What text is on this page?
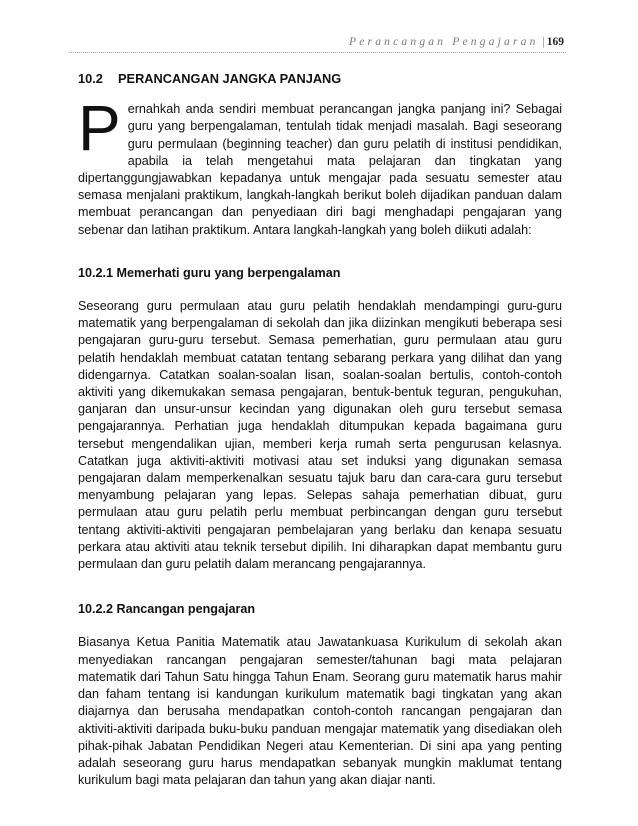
Perancangan Pengajaran | 169
10.2 PERANCANGAN JANGKA PANJANG

Pernahkah anda sendiri membuat perancangan jangka panjang ini? Sebagai guru yang berpengalaman, tentulah tidak menjadi masalah. Bagi seseorang guru permulaan (beginning teacher) dan guru pelatih di institusi pendidikan, apabila ia telah mengetahui mata pelajaran dan tingkatan yang dipertanggungjawabkan kepadanya untuk mengajar pada sesuatu semester atau semasa menjalani praktikum, langkah-langkah berikut boleh dijadikan panduan dalam membuat perancangan dan penyediaan diri bagi menghadapi pengajaran yang sebenar dan latihan praktikum. Antara langkah-langkah yang boleh diikuti adalah:

10.2.1 Memerhati guru yang berpengalaman

Seseorang guru permulaan atau guru pelatih hendaklah mendampingi guru-guru matematik yang berpengalaman di sekolah dan jika diizinkan mengikuti beberapa sesi pengajaran guru-guru tersebut. Semasa pemerhatian, guru permulaan atau guru pelatih hendaklah membuat catatan tentang sebarang perkara yang dilihat dan yang didengarnya. Catatkan soalan-soalan lisan, soalan-soalan bertulis, contoh-contoh aktiviti yang dikemukakan semasa pengajaran, bentuk-bentuk teguran, pengukuhan, ganjaran dan unsur-unsur kecindan yang digunakan oleh guru tersebut semasa pengajarannya. Perhatian juga hendaklah ditumpukan kepada bagaimana guru tersebut mengendalikan ujian, memberi kerja rumah serta pengurusan kelasnya. Catatkan juga aktiviti-aktiviti motivasi atau set induksi yang digunakan semasa pengajaran dalam memperkenalkan sesuatu tajuk baru dan cara-cara guru tersebut menyambung pelajaran yang lepas. Selepas sahaja pemerhatian dibuat, guru permulaan atau guru pelatih perlu membuat perbincangan dengan guru tersebut tentang aktiviti-aktiviti pengajaran pembelajaran yang berlaku dan kenapa sesuatu perkara atau aktiviti atau teknik tersebut dipilih. Ini diharapkan dapat membantu guru permulaan dan guru pelatih dalam merancang pengajarannya.

10.2.2 Rancangan pengajaran

Biasanya Ketua Panitia Matematik atau Jawatankuasa Kurikulum di sekolah akan menyediakan rancangan pengajaran semester/tahunan bagi mata pelajaran matematik dari Tahun Satu hingga Tahun Enam. Seorang guru matematik harus mahir dan faham tentang isi kandungan kurikulum matematik bagi tingkatan yang akan diajarnya dan berusaha mendapatkan contoh-contoh rancangan pengajaran dan aktiviti-aktiviti daripada buku-buku panduan mengajar matematik yang disediakan oleh pihak-pihak Jabatan Pendidikan Negeri atau Kementerian. Di sini apa yang penting adalah seseorang guru harus mendapatkan sebanyak mungkin maklumat tentang kurikulum bagi mata pelajaran dan tahun yang akan diajar nanti.
